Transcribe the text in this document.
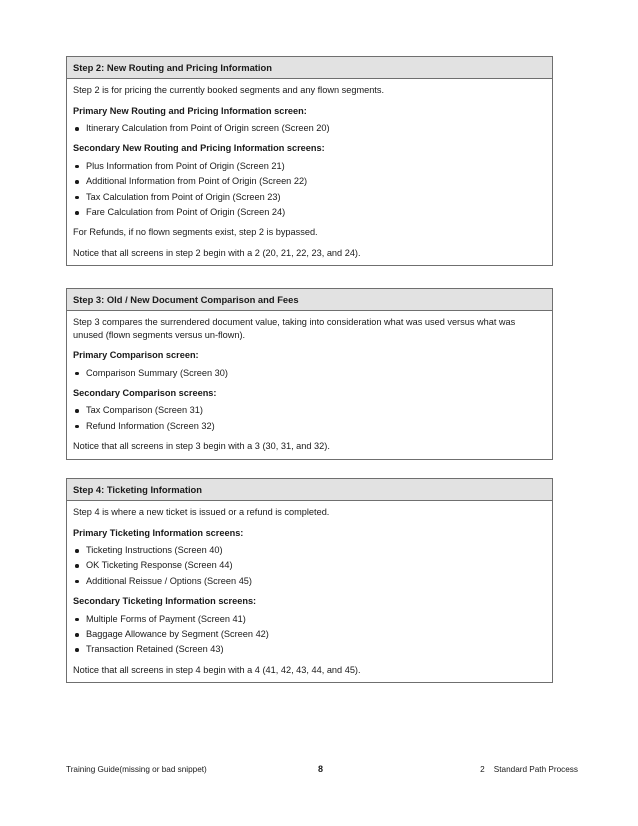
Step 2: New Routing and Pricing Information

Step 2 is for pricing the currently booked segments and any flown segments.

Primary New Routing and Pricing Information screen:

Itinerary Calculation from Point of Origin screen (Screen 20)

Secondary New Routing and Pricing Information screens:

Plus Information from Point of Origin (Screen 21)
Additional Information from Point of Origin (Screen 22)
Tax Calculation from Point of Origin (Screen 23)
Fare Calculation from Point of Origin (Screen 24)

For Refunds, if no flown segments exist, step 2 is bypassed.

Notice that all screens in step 2 begin with a 2 (20, 21, 22, 23, and 24).

Step 3: Old / New Document Comparison and Fees

Step 3 compares the surrendered document value, taking into consideration what was used versus what was unused (flown segments versus un-flown).

Primary Comparison screen:

Comparison Summary (Screen 30)

Secondary Comparison screens:

Tax Comparison (Screen 31)
Refund Information (Screen 32)

Notice that all screens in step 3 begin with a 3 (30, 31, and 32).

Step 4: Ticketing Information

Step 4 is where a new ticket is issued or a refund is completed.

Primary Ticketing Information screens:

Ticketing Instructions (Screen 40)
OK Ticketing Response (Screen 44)
Additional Reissue / Options (Screen 45)

Secondary Ticketing Information screens:

Multiple Forms of Payment (Screen 41)
Baggage Allowance by Segment (Screen 42)
Transaction Retained (Screen 43)

Notice that all screens in step 4 begin with a 4 (41, 42, 43, 44, and 45).

Training Guide(missing or bad snippet)	8	2    Standard Path Process
